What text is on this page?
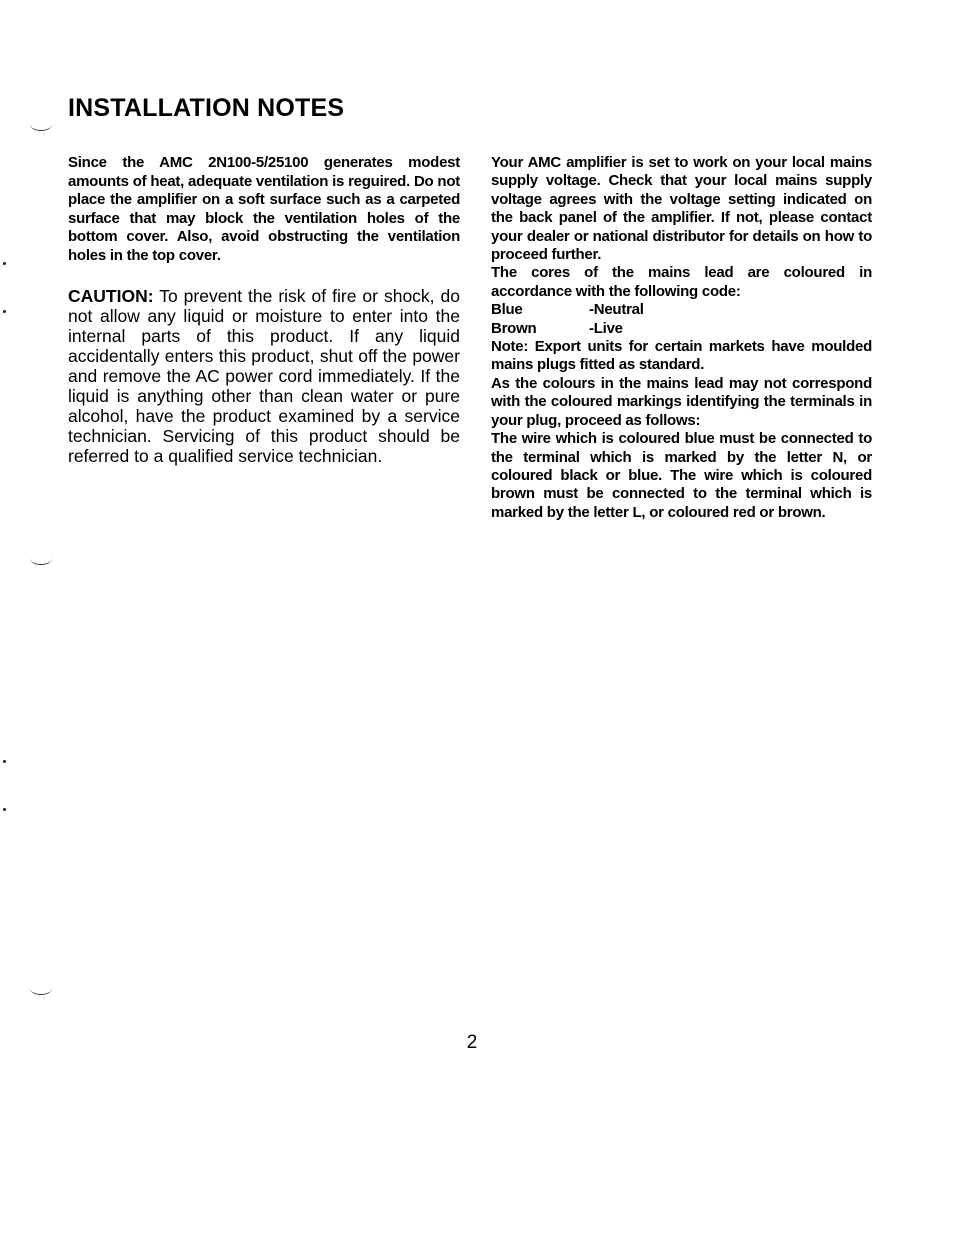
INSTALLATION NOTES

Since the AMC 2N100-5/25100 generates modest amounts of heat, adequate ventilation is reguired. Do not place the amplifier on a soft surface such as a carpeted surface that may block the ventilation holes of the bottom cover. Also, avoid obstructing the ventilation holes in the top cover.

CAUTION: To prevent the risk of fire or shock, do not allow any liquid or moisture to enter into the internal parts of this product. If any liquid accidentally enters this product, shut off the power and remove the AC power cord immediately. If the liquid is anything other than clean water or pure alcohol, have the product examined by a service technician. Servicing of this product should be referred to a qualified service technician.

Your AMC amplifier is set to work on your local mains supply voltage. Check that your local mains supply voltage agrees with the voltage setting indicated on the back panel of the amplifier. If not, please contact your dealer or national distributor for details on how to proceed further.

The cores of the mains lead are coloured in accordance with the following code:

Blue	-Neutral
Brown	-Live

Note: Export units for certain markets have moulded mains plugs fitted as standard.

As the colours in the mains lead may not correspond with the coloured markings identifying the terminals in your plug, proceed as follows:

The wire which is coloured blue must be connected to the terminal which is marked by the letter N, or coloured black or blue. The wire which is coloured brown must be connected to the terminal which is marked by the letter L, or coloured red or brown.

2
